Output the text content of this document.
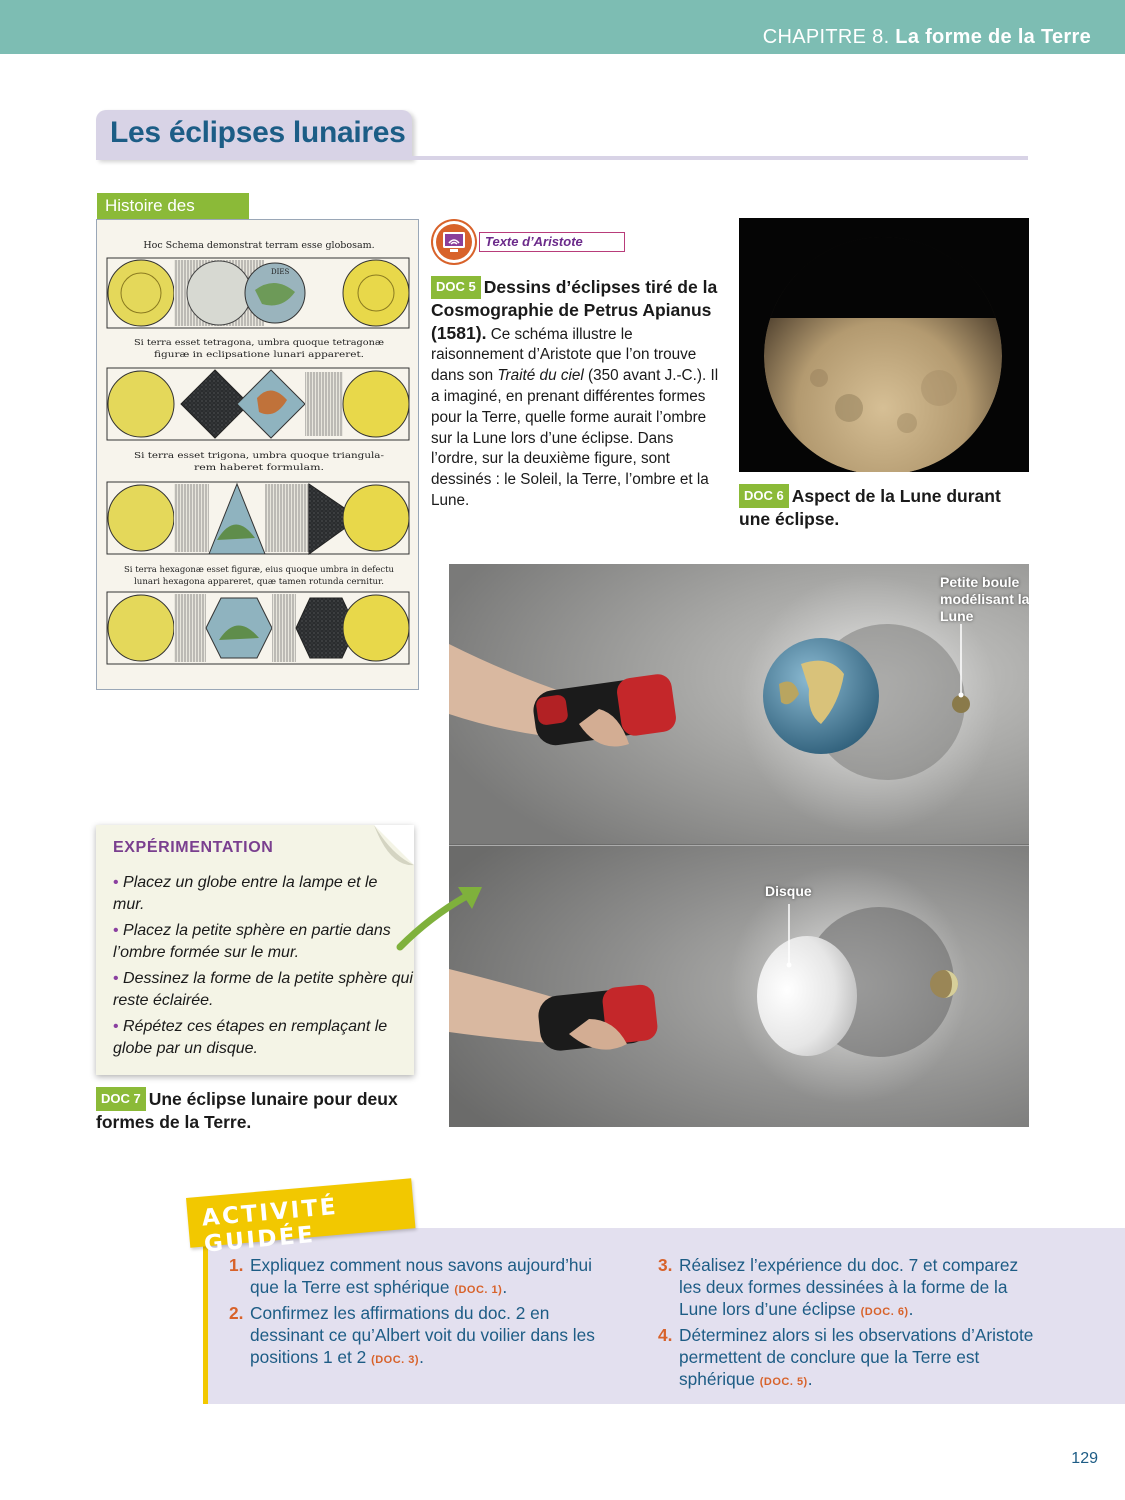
CHAPITRE 8. La forme de la Terre
Les éclipses lunaires
Histoire des
Hoc Schema demonstrat terram esse globosam.
DIES
Si terra esset tetragona, umbra quoque tetragonæ
figuræ in eclipsatione lunari appareret.
Si terra esset trigona, umbra quoque triangula-
rem haberet formulam.
Si terra hexagonæ esset figuræ, eius quoque umbra in defectu
lunari hexagona appareret, quæ tamen rotunda cernitur.
Texte d’Aristote
DOC 5 Dessins d’éclipses tiré de la Cosmographie de Petrus Apianus (1581). Ce schéma illustre le raisonnement d’Aristote que l’on trouve dans son Traité du ciel (350 avant J.-C.). Il a imaginé, en prenant différentes formes pour la Terre, quelle forme aurait l’ombre sur la Lune lors d’une éclipse. Dans l’ordre, sur la deuxième figure, sont dessinés : le Soleil, la Terre, l’ombre et la Lune.	DOC 6 Aspect de la Lune durant une éclipse.
Petite boule modélisant la Lune
Disque
EXPÉRIMENTATION
• Placez un globe entre la lampe et le mur.
• Placez la petite sphère en partie dans l’ombre formée sur le mur.
• Dessinez la forme de la petite sphère qui reste éclairée.
• Répétez ces étapes en remplaçant le globe par un disque.
DOC 7 Une éclipse lunaire pour deux formes de la Terre.
ACTIVITÉ GUIDÉE
1. Expliquez comment nous savons aujourd’hui que la Terre est sphérique (DOC. 1).
2. Confirmez les affirmations du doc. 2 en dessinant ce qu’Albert voit du voilier dans les positions 1 et 2 (DOC. 3).
3. Réalisez l’expérience du doc. 7 et comparez les deux formes dessinées à la forme de la Lune lors d’une éclipse (DOC. 6).
4. Déterminez alors si les observations d’Aristote permettent de conclure que la Terre est sphérique (DOC. 5).
129
